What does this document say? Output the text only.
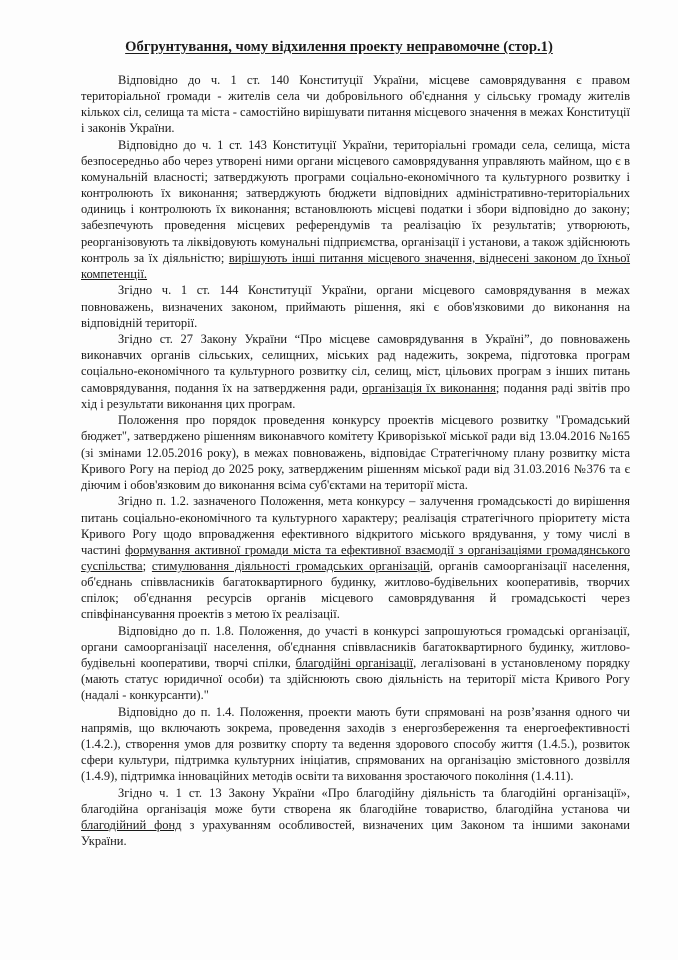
Обгрунтування, чому відхилення проекту неправомочне (стор.1)

Відповідно до ч. 1 ст. 140 Конституції України, місцеве самоврядування є правом територіальної громади - жителів села чи добровільного об'єднання у сільську громаду жителів кількох сіл, селища та міста - самостійно вирішувати питання місцевого значення в межах Конституції і законів України.

Відповідно до ч. 1 ст. 143 Конституції України, територіальні громади села, селища, міста безпосередньо або через утворені ними органи місцевого самоврядування управляють майном, що є в комунальній власності; затверджують програми соціально-економічного та культурного розвитку і контролюють їх виконання; затверджують бюджети відповідних адміністративно-територіальних одиниць і контролюють їх виконання; встановлюють місцеві податки і збори відповідно до закону; забезпечують проведення місцевих референдумів та реалізацію їх результатів; утворюють, реорганізовують та ліквідовують комунальні підприємства, організації і установи, а також здійснюють контроль за їх діяльністю; вирішують інші питання місцевого значення, віднесені законом до їхньої компетенції.

Згідно ч. 1 ст. 144 Конституції України, органи місцевого самоврядування в межах повноважень, визначених законом, приймають рішення, які є обов'язковими до виконання на відповідній території.

Згідно ст. 27 Закону України “Про місцеве самоврядування в Україні”, до повноважень виконавчих органів сільських, селищних, міських рад надежить, зокрема, підготовка програм соціально-економічного та культурного розвитку сіл, селищ, міст, цільових програм з інших питань самоврядування, подання їх на затвердження ради, організація їх виконання; подання раді звітів про хід і результати виконання цих програм.

Положення про порядок проведення конкурсу проектів місцевого розвитку "Громадський бюджет", затверджено рішенням виконавчого комітету Криворізької міської ради від 13.04.2016 №165 (зі змінами 12.05.2016 року), в межах повноважень, відповідає Стратегічному плану розвитку міста Кривого Рогу на період до 2025 року, затвердженим рішенням міської ради від 31.03.2016 №376 та є діючим і обов'язковим до виконання всіма суб'єктами на території міста.

Згідно п. 1.2. зазначеного Положення, мета конкурсу – залучення громадськості до вирішення питань соціально-економічного та культурного характеру; реалізація стратегічного пріоритету міста Кривого Рогу щодо впровадження ефективного відкритого міського врядування, у тому числі в частині формування активної громади міста та ефективної взаємодії з організаціями громадянського суспільства; стимулювання діяльності громадських організацій, органів самоорганізації населення, об'єднань співвласників багатоквартирного будинку, житлово-будівельних кооперативів, творчих спілок; об'єднання ресурсів органів місцевого самоврядування й громадськості через співфінансування проектів з метою їх реалізації.

Відповідно до п. 1.8. Положення, до участі в конкурсі запрошуються громадські організації, органи самоорганізації населення, об'єднання співвласників багатоквартирного будинку, житлово-будівельні кооперативи, творчі спілки, благодійні організації, легалізовані в установленому порядку (мають статус юридичної особи) та здійснюють свою діяльність на території міста Кривого Рогу (надалі - конкурсанти)."

Відповідно до п. 1.4. Положення, проекти мають бути спрямовані на розв’язання одного чи напрямів, що включають зокрема, проведення заходів з енергозбереження та енергоефективності (1.4.2.), створення умов для розвитку спорту та ведення здорового способу життя (1.4.5.), розвиток сфери культури, підтримка культурних ініціатив, спрямованих на організацію змістовного дозвілля (1.4.9), підтримка інноваційних методів освіти та виховання зростаючого покоління (1.4.11).

Згідно ч. 1 ст. 13 Закону України «Про благодійну діяльність та благодійні організації», благодійна організація може бути створена як благодійне товариство, благодійна установа чи благодійний фонд з урахуванням особливостей, визначених цим Законом та іншими законами України.
